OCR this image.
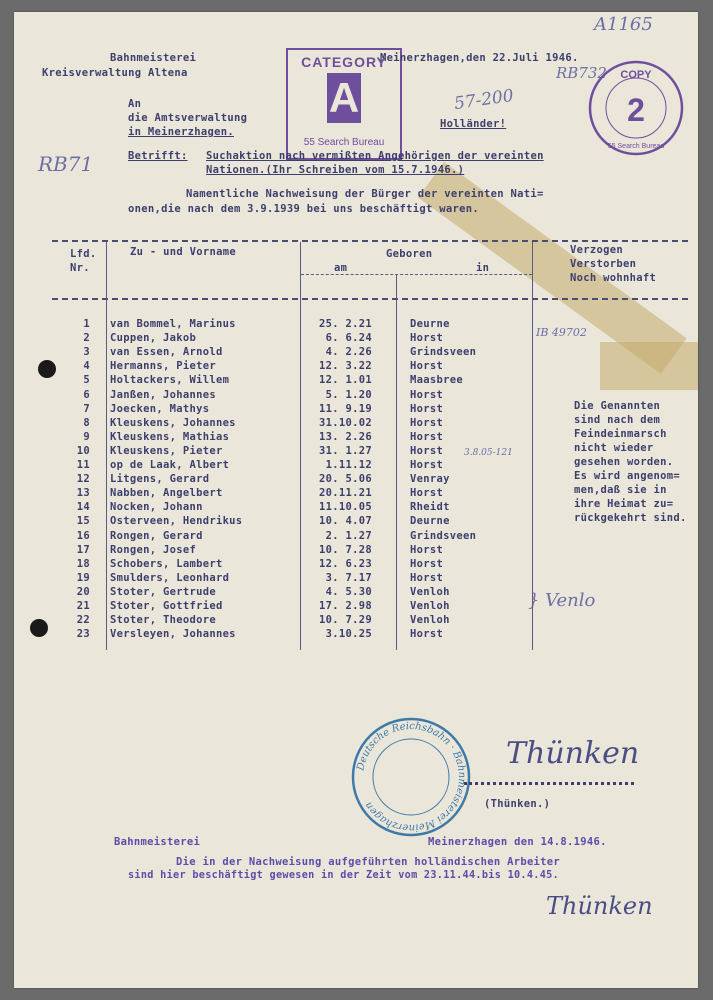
A1165
RB732
57-200
RB71
IB 49702
3.8.05-121
} Venlo
Bahnmeisterei
Kreisverwaltung Altena
CATEGORY
A
55 Search Bureau
Meinerzhagen,den 22.Juli 1946.
COPY
2
55 Search Bureau
An
die Amtsverwaltung
in Meinerzhagen.
Holländer!
Betrifft: Suchaktion nach vermißten Angehörigen der vereinten
Nationen.(Ihr Schreiben vom 15.7.1946.)
Namentliche Nachweisung der Bürger der vereinten Nati=
onen,die nach dem 3.9.1939 bei uns beschäftigt waren.
Lfd.
Nr.
Zu - und Vorname	Geboren
am	in
Verzogen
Verstorben
Noch wohnhaft
1 van Bommel, Marinus	25. 2.21	Deurne
2 Cuppen, Jakob	6. 6.24	Horst
3 van Essen, Arnold	4. 2.26	Grindsveen
4 Hermanns, Pieter	12. 3.22	Horst
5 Holtackers, Willem	12. 1.01	Maasbree
6 Janßen, Johannes	5. 1.20	Horst
7 Joecken, Mathys	11. 9.19	Horst
8 Kleuskens, Johannes	31.10.02	Horst
9 Kleuskens, Mathias	13. 2.26	Horst
10 Kleuskens, Pieter	31. 1.27	Horst
11 op de Laak, Albert	1.11.12	Horst
12 Litgens, Gerard	20. 5.06	Venray
13 Nabben, Angelbert	20.11.21	Horst
14 Nocken, Johann	11.10.05	Rheidt
15 Osterveen, Hendrikus	10. 4.07	Deurne
16 Rongen, Gerard	2. 1.27	Grindsveen
17 Rongen, Josef	10. 7.28	Horst
18 Schobers, Lambert	12. 6.23	Horst
19 Smulders, Leonhard	3. 7.17	Horst
20 Stoter, Gertrude	4. 5.30	Venloh
21 Stoter, Gottfried	17. 2.98	Venloh
22 Stoter, Theodore	10. 7.29	Venloh
23 Versleyen, Johannes	3.10.25	Horst
Die Genannten
sind nach dem
Feindeinmarsch
nicht wieder
gesehen worden.
Es wird angenom=
men,daß sie in
ihre Heimat zu=
rückgekehrt sind.
Deutsche Reichsbahn · Bahnmeisterei Meinerzhagen
Thünken
(Thünken.)
Bahnmeisterei	Meinerzhagen den 14.8.1946.
Die in der Nachweisung aufgeführten holländischen Arbeiter
sind hier beschäftigt gewesen in der Zeit vom 23.11.44.bis 10.4.45.
Thünken
